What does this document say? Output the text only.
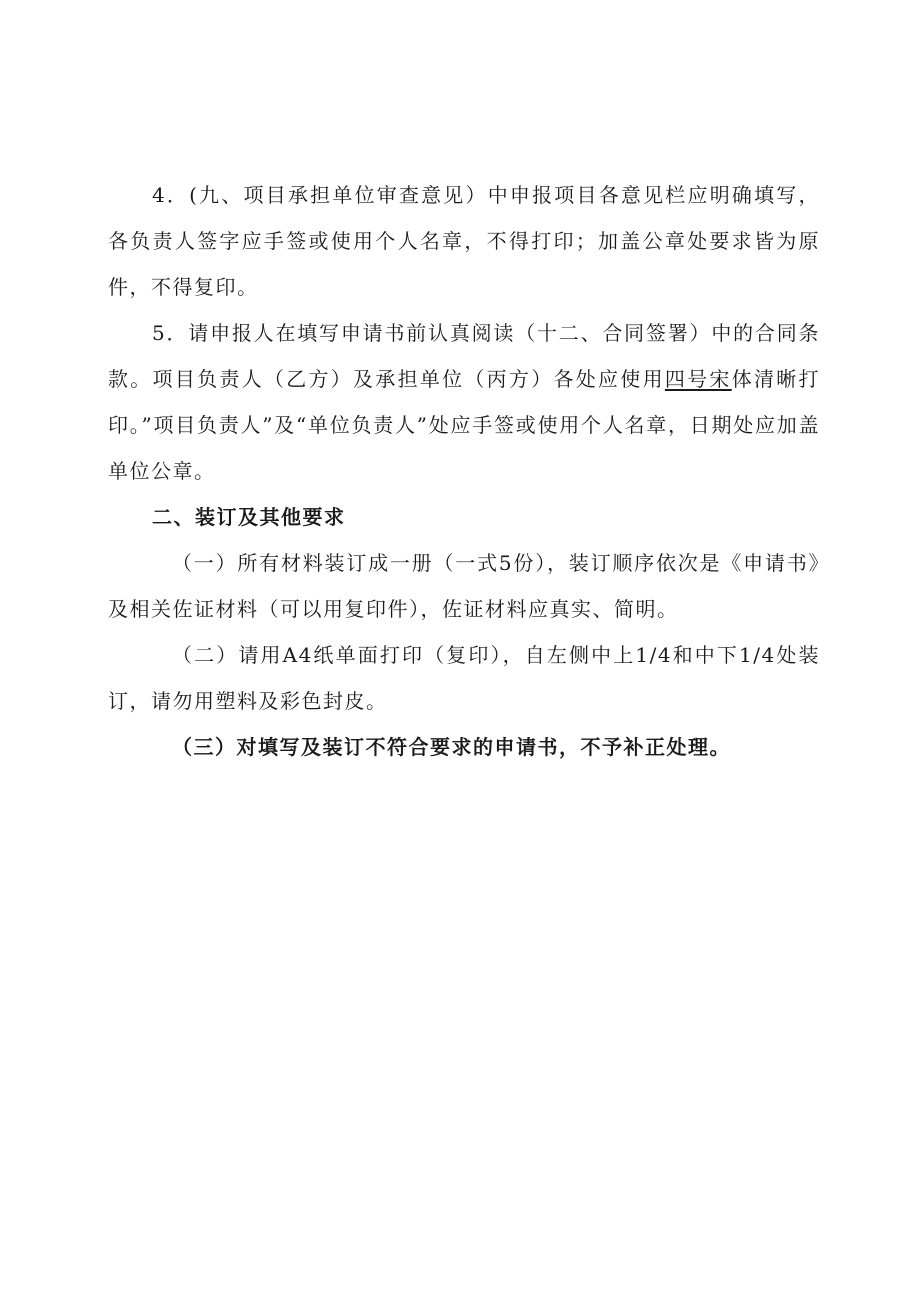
4．(九、项目承担单位审查意见）中申报项目各意见栏应明确填写，各负责人签字应手签或使用个人名章，不得打印；加盖公章处要求皆为原件，不得复印。

5．请申报人在填写申请书前认真阅读（十二、合同签署）中的合同条款。项目负责人（乙方）及承担单位（丙方）各处应使用四号宋体清晰打印。”项目负责人”及“单位负责人”处应手签或使用个人名章，日期处应加盖单位公章。

二、装订及其他要求

（一）所有材料装订成一册（一式5份），装订顺序依次是《申请书》及相关佐证材料（可以用复印件），佐证材料应真实、简明。

（二）请用A4纸单面打印（复印），自左侧中上1/4和中下1/4处装订，请勿用塑料及彩色封皮。

（三）对填写及装订不符合要求的申请书，不予补正处理。
